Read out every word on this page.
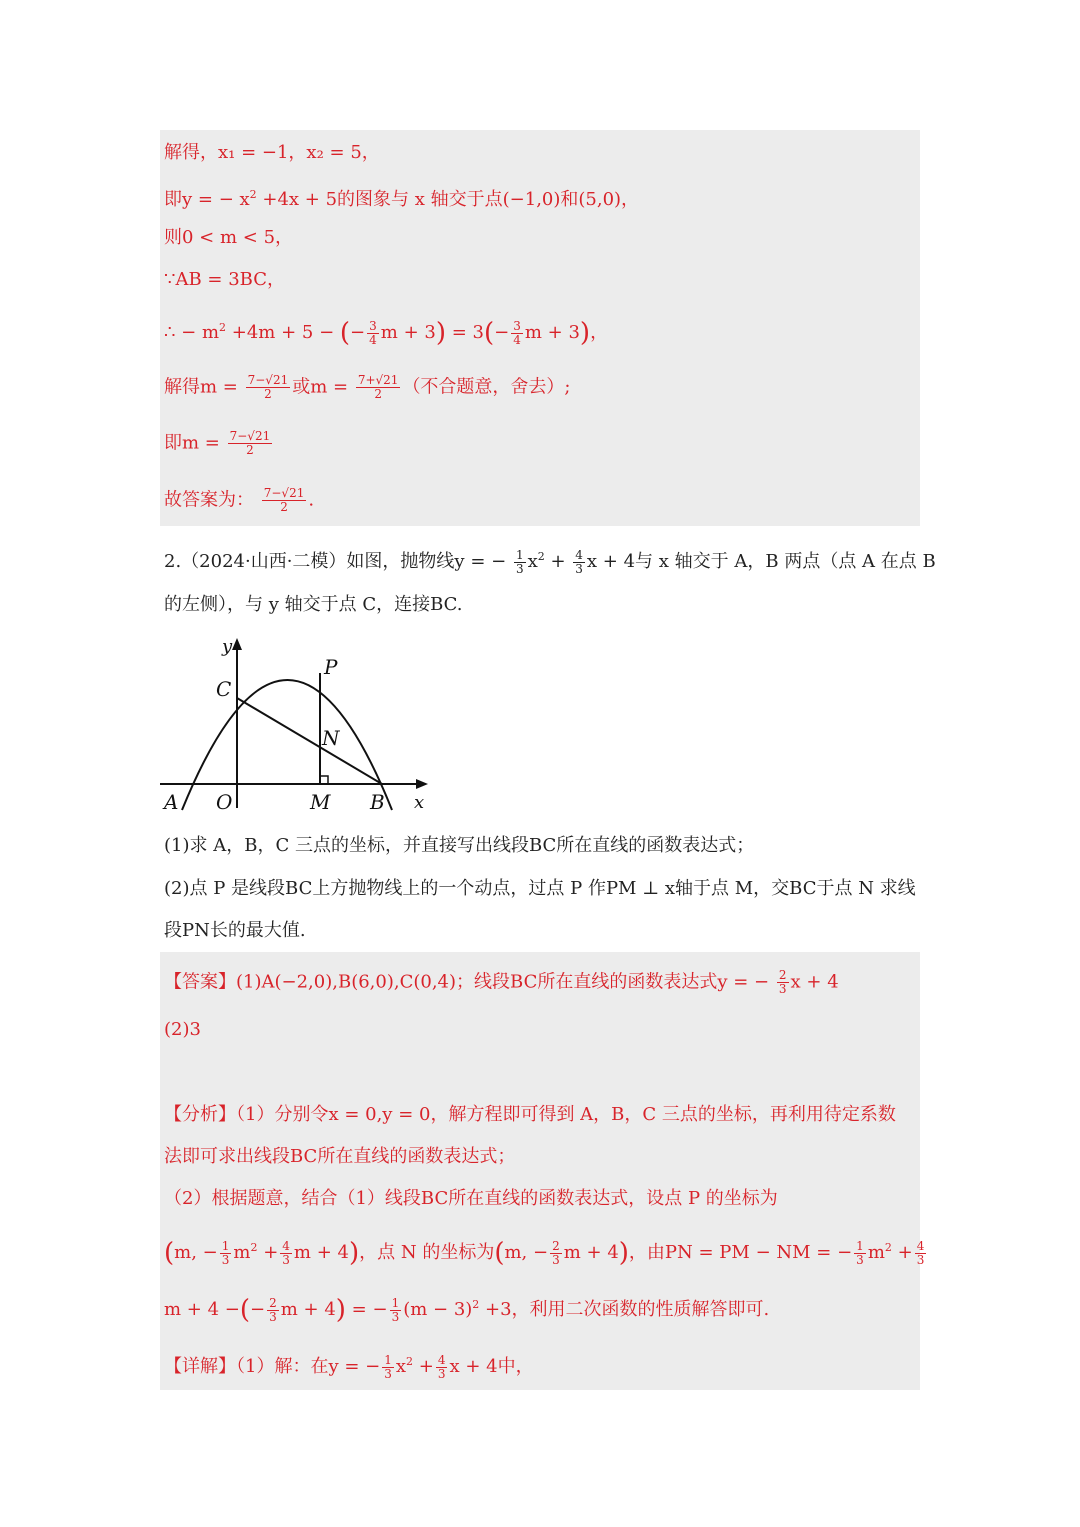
解得，x₁ = −1，x₂ = 5，
即y = − $x^2 +4x + 5$的图象与 x 轴交于点(−1,0)和(5,0)，
则0 < m < 5，
∵AB = 3BC，
∴ − $m^2 +4m + 5$ − (− $\frac{3}{4}$ $m + 3) = 3(- \frac{3}{4}$ m + 3)，
解得$m = \frac{7-√21}{2}$ 或$m = \frac{7+√21}{2}$ （不合题意，舍去）;
即$m = \frac{7-√21}{2}$
故答案为： $\frac{7-√21}{2}$ .
2.（2024·山西·二模）如图，抛物线y = − $\frac{1}{3} x^2 + \frac{4}{3}$ x + 4与 x 轴交于 A，B 两点（点 A 在点 B
的左侧），与 y 轴交于点 C，连接BC.
y
C
P
N
A O	M B x
(1)求 A，B，C 三点的坐标，并直接写出线段BC所在直线的函数表达式；
(2)点 P 是线段BC上方抛物线上的一个动点，过点 P 作PM ⊥ x轴于点 M，交BC于点 N 求线
段PN长的最大值.
【答案】(1)A(−2,0),B(6,0),C(0,4)；线段BC所在直线的函数表达式y = − $\frac{2}{3}$ x + 4
(2)3
【分析】（1）分别令x = 0,y = 0，解方程即可得到 A，B，C 三点的坐标，再利用待定系数
法即可求出线段BC所在直线的函数表达式；
（2）根据题意，结合（1）线段BC所在直线的函数表达式，设点 P 的坐标为
(m, − $\frac{1}{3} m^2 + \frac{4}{3}$ m + 4)，点 N 的坐标为(m, − $\frac{2}{3}$ m + 4)，由PN = PM − NM = − $\frac{1}{3} m^2 + \frac{4}{3}$
m + 4 −(− $\frac{2}{3}$ m + 4) = − $\frac{1}{3} (m - 3)^2 +3$，利用二次函数的性质解答即可.
【详解】（1）解：在y = − $\frac{1}{3} x^2 + \frac{4}{3}$ x + 4中，
